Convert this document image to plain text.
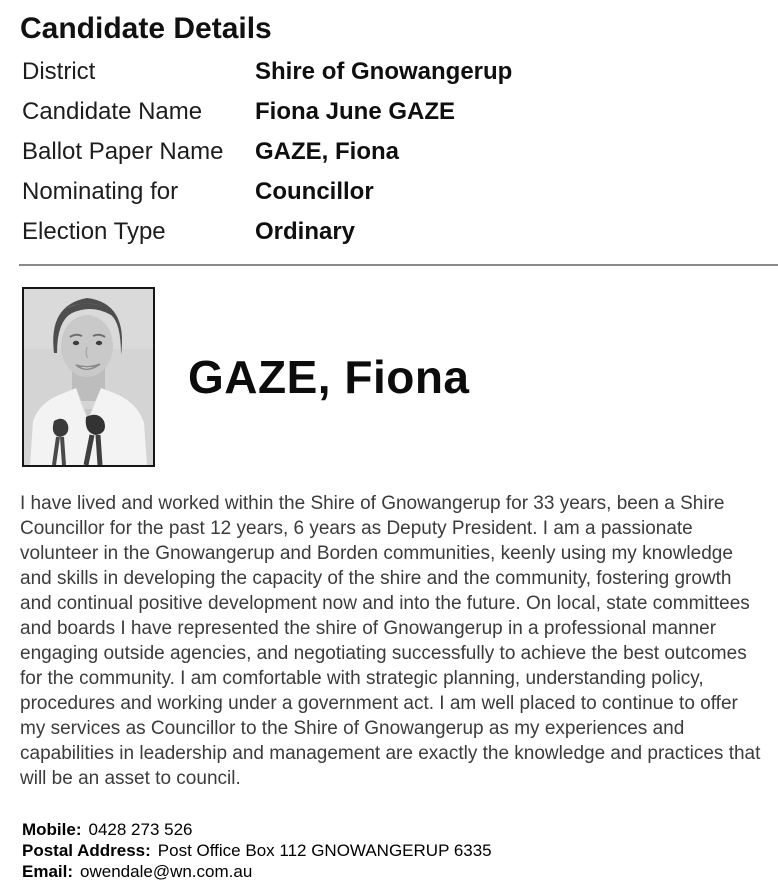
Candidate Details
District	Shire of Gnowangerup
Candidate Name	Fiona June GAZE
Ballot Paper Name	GAZE, Fiona
Nominating for	Councillor
Election Type	Ordinary
GAZE, Fiona

I have lived and worked within the Shire of Gnowangerup for 33 years, been a Shire Councillor for the past 12 years, 6 years as Deputy President. I am a passionate volunteer in the Gnowangerup and Borden communities, keenly using my knowledge and skills in developing the capacity of the shire and the community, fostering growth and continual positive development now and into the future. On local, state committees and boards I have represented the shire of Gnowangerup in a professional manner engaging outside agencies, and negotiating successfully to achieve the best outcomes for the community. I am comfortable with strategic planning, understanding policy, procedures and working under a government act. I am well placed to continue to offer my services as Councillor to the Shire of Gnowangerup as my experiences and capabilities in leadership and management are exactly the knowledge and practices that will be an asset to council.

Mobile: 0428 273 526
Postal Address: Post Office Box 112 GNOWANGERUP 6335
Email: owendale@wn.com.au
